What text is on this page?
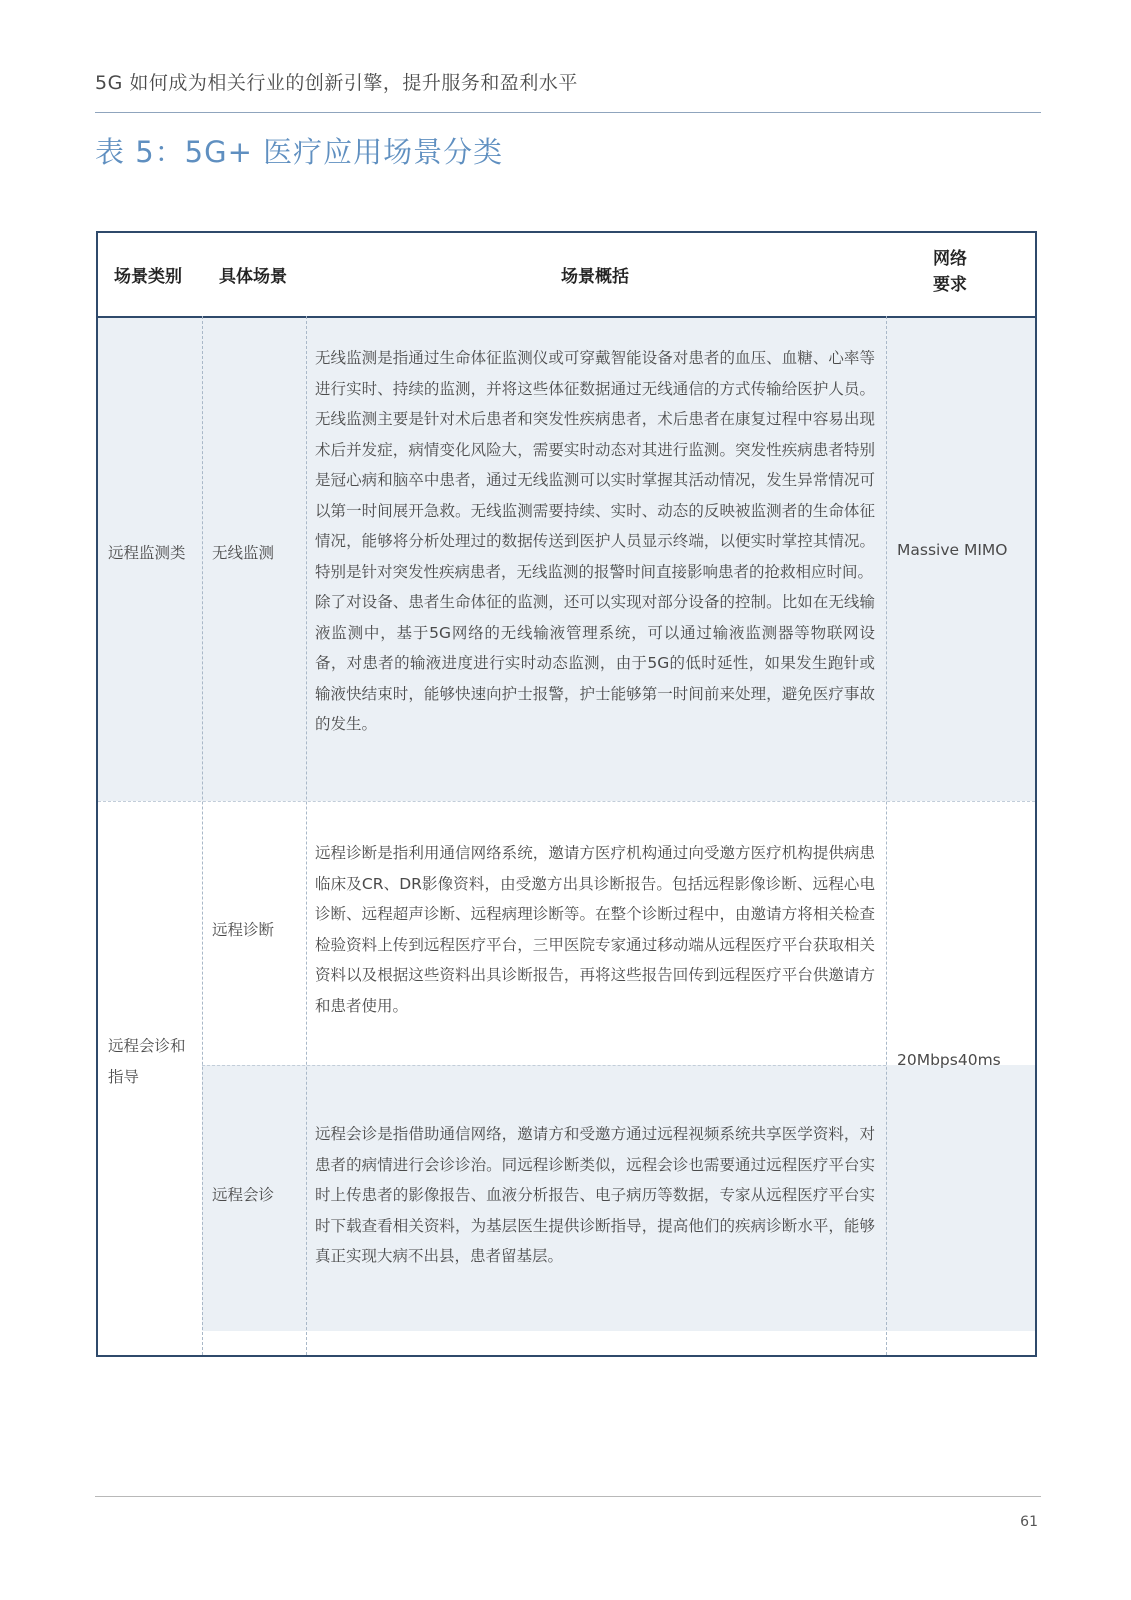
5G 如何成为相关行业的创新引擎，提升服务和盈利水平
表 5：5G+ 医疗应用场景分类
场景类别 具体场景	场景概括
网络
要求
远程监测类 无线监测

无线监测是指通过生命体征监测仪或可穿戴智能设备对患者的血压、血糖、心率等进行实时、持续的监测，并将这些体征数据通过无线通信的方式传输给医护人员。无线监测主要是针对术后患者和突发性疾病患者，术后患者在康复过程中容易出现术后并发症，病情变化风险大，需要实时动态对其进行监测。突发性疾病患者特别是冠心病和脑卒中患者，通过无线监测可以实时掌握其活动情况，发生异常情况可以第一时间展开急救。无线监测需要持续、实时、动态的反映被监测者的生命体征情况，能够将分析处理过的数据传送到医护人员显示终端，以便实时掌控其情况。特别是针对突发性疾病患者，无线监测的报警时间直接影响患者的抢救相应时间。

除了对设备、患者生命体征的监测，还可以实现对部分设备的控制。比如在无线输液监测中，基于5G网络的无线输液管理系统，可以通过输液监测器等物联网设备，对患者的输液进度进行实时动态监测，由于5G的低时延性，如果发生跑针或输液快结束时，能够快速向护士报警，护士能够第一时间前来处理，避免医疗事故的发生。

Massive MIMO
远程会诊和
指导
20Mbps40ms
远程诊断

远程诊断是指利用通信网络系统，邀请方医疗机构通过向受邀方医疗机构提供病患临床及CR、DR影像资料，由受邀方出具诊断报告。包括远程影像诊断、远程心电诊断、远程超声诊断、远程病理诊断等。在整个诊断过程中，由邀请方将相关检查检验资料上传到远程医疗平台，三甲医院专家通过移动端从远程医疗平台获取相关资料以及根据这些资料出具诊断报告，再将这些报告回传到远程医疗平台供邀请方和患者使用。

远程会诊

远程会诊是指借助通信网络，邀请方和受邀方通过远程视频系统共享医学资料，对患者的病情进行会诊诊治。同远程诊断类似，远程会诊也需要通过远程医疗平台实时上传患者的影像报告、血液分析报告、电子病历等数据，专家从远程医疗平台实时下载查看相关资料，为基层医生提供诊断指导，提高他们的疾病诊断水平，能够真正实现大病不出县，患者留基层。

61
